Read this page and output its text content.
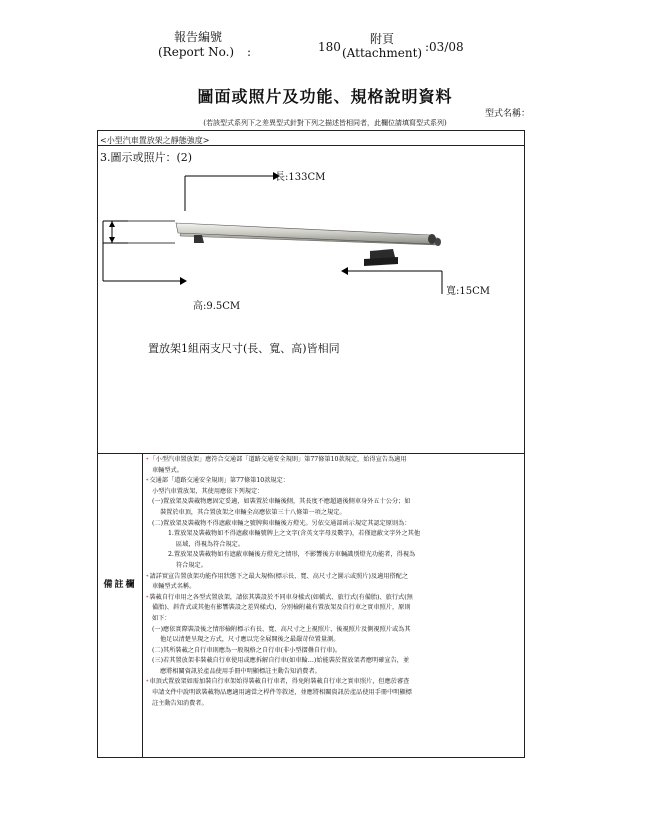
報告編號
(Report No.) :	180
附頁
(Attachment) :03/08
圖面或照片及功能、規格說明資料
型式名稱：
(若該型式系列下之差異型式針對下列之描述皆相同者，此欄位請填寫型式系列)
<小型汽車置放架之靜態強度>
3.圖示或照片：(2)
長:133CM
寬:15CM
高:9.5CM
置放架1組兩支尺寸(長、寬、高)皆相同
備註欄

*「小型汽車置放架」應符合交通部「道路交通安全規則」第77條第10款規定，始得宣告為適用

車輛型式。

*交通部「道路交通安全規則」第77條第10款規定：

小型汽車置放架，其使用應依下列規定：

(一)置放架及裝載物應固定妥適，如裝置於車輛後側，其長度不應超過後側車身外五十公分；如

裝置於車頂，其合置放架之車輛全高應依第三十八條第一項之規定。

(二)置放架及裝載物不得遮蔽車輛之號牌與車輛後方燈光。另依交通部函示規定其認定原則為：

1.置放架及裝載物如不得遮蔽車輛號牌上之文字(含英文字母及數字)，若僅遮蔽文字外之其他

區域，得視為符合規定。

2.置放架及裝載物如有遮蔽車輛後方燈光之情形，不影響後方車輛識別燈光功能者，得視為

符合規定。

*請詳實宣告置放架功能作用狀態下之最大規格(標示長、寬、高尺寸之圖示或照片)及適用搭配之

車輛型式名稱。

*裝載自行車用之各型式置放架，請依其裝設於不同車身樣式(如轎式、旅行式(有備胎)、旅行式(無

備胎)、斜背式或其他有影響裝設之差異樣式)，分別檢附載有置放架及自行車之實車照片，原則

如下：

(一)應依實際裝設後之情形檢附標示有長、寬、高尺寸之上視照片、後視照片及側視照片或為其

他足以清楚呈現之方式，尺寸應以完全展開後之最嚴苛位置量測。

(二)其所裝載之自行車則應為一般規格之自行車(非小型摺疊自行車)。

(三)若其置放架非裝載自行車使用或應拆解自行車(如車輪…)始能裝於置放架者應明確宣告，並

應將相關資訊於產品使用手冊中明顯標註主動告知消費者。

*車頂式置放架如需加裝自行車架始得裝載自行車者，得免附裝載自行車之實車照片，但應於審查

申請文件中說明欲裝載物品應適用適當之桿件等敘述，並應將相關資訊於產品使用手冊中明顯標

註主動告知消費者。
